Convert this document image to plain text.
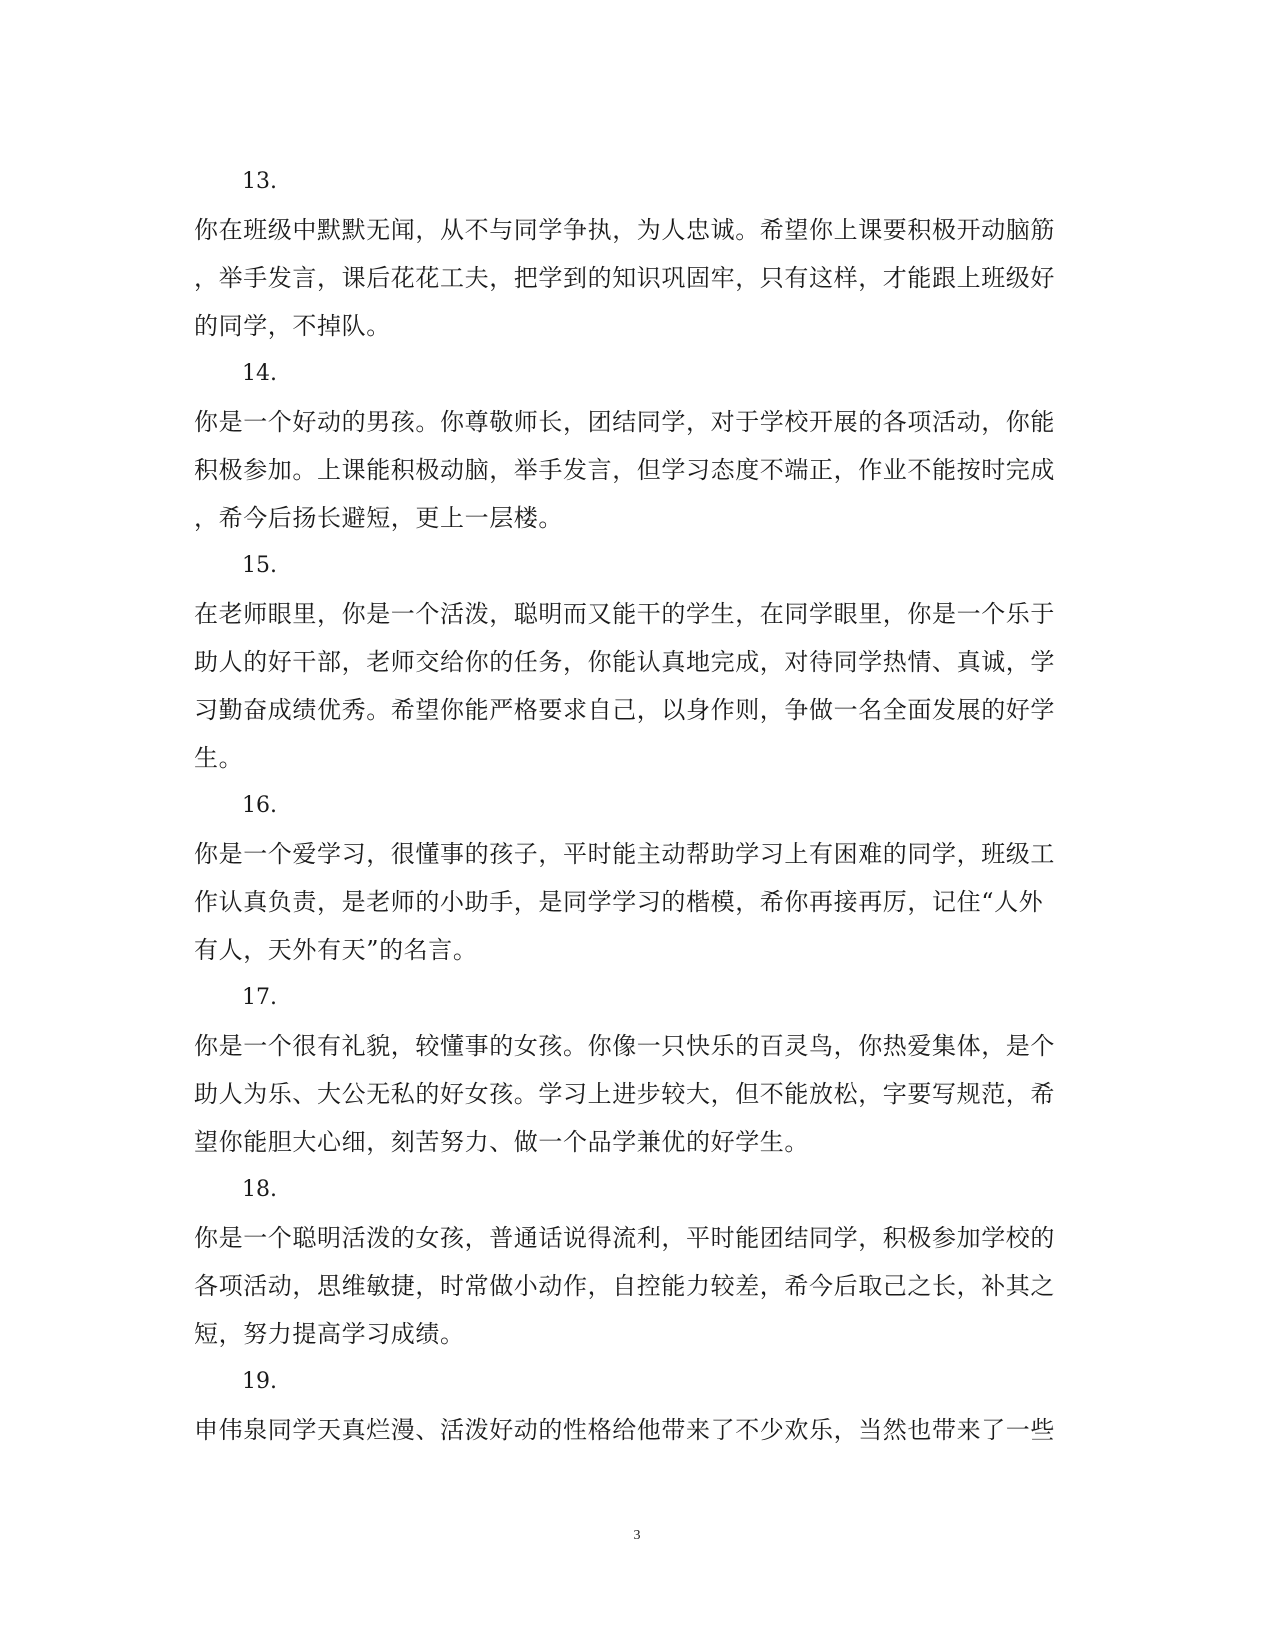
13.

你在班级中默默无闻，从不与同学争执，为人忠诚。希望你上课要积极开动脑筋

，举手发言，课后花花工夫，把学到的知识巩固牢，只有这样，才能跟上班级好

的同学，不掉队。

14.

你是一个好动的男孩。你尊敬师长，团结同学，对于学校开展的各项活动，你能

积极参加。上课能积极动脑，举手发言，但学习态度不端正，作业不能按时完成

，希今后扬长避短，更上一层楼。

15.

在老师眼里，你是一个活泼，聪明而又能干的学生，在同学眼里，你是一个乐于

助人的好干部，老师交给你的任务，你能认真地完成，对待同学热情、真诚，学

习勤奋成绩优秀。希望你能严格要求自己，以身作则，争做一名全面发展的好学

生。

16.

你是一个爱学习，很懂事的孩子，平时能主动帮助学习上有困难的同学，班级工

作认真负责，是老师的小助手，是同学学习的楷模，希你再接再厉，记住“人外

有人，天外有天”的名言。

17.

你是一个很有礼貌，较懂事的女孩。你像一只快乐的百灵鸟，你热爱集体，是个

助人为乐、大公无私的好女孩。学习上进步较大，但不能放松，字要写规范，希

望你能胆大心细，刻苦努力、做一个品学兼优的好学生。

18.

你是一个聪明活泼的女孩，普通话说得流利，平时能团结同学，积极参加学校的

各项活动，思维敏捷，时常做小动作，自控能力较差，希今后取己之长，补其之

短，努力提高学习成绩。

19.

申伟泉同学天真烂漫、活泼好动的性格给他带来了不少欢乐，当然也带来了一些

3
